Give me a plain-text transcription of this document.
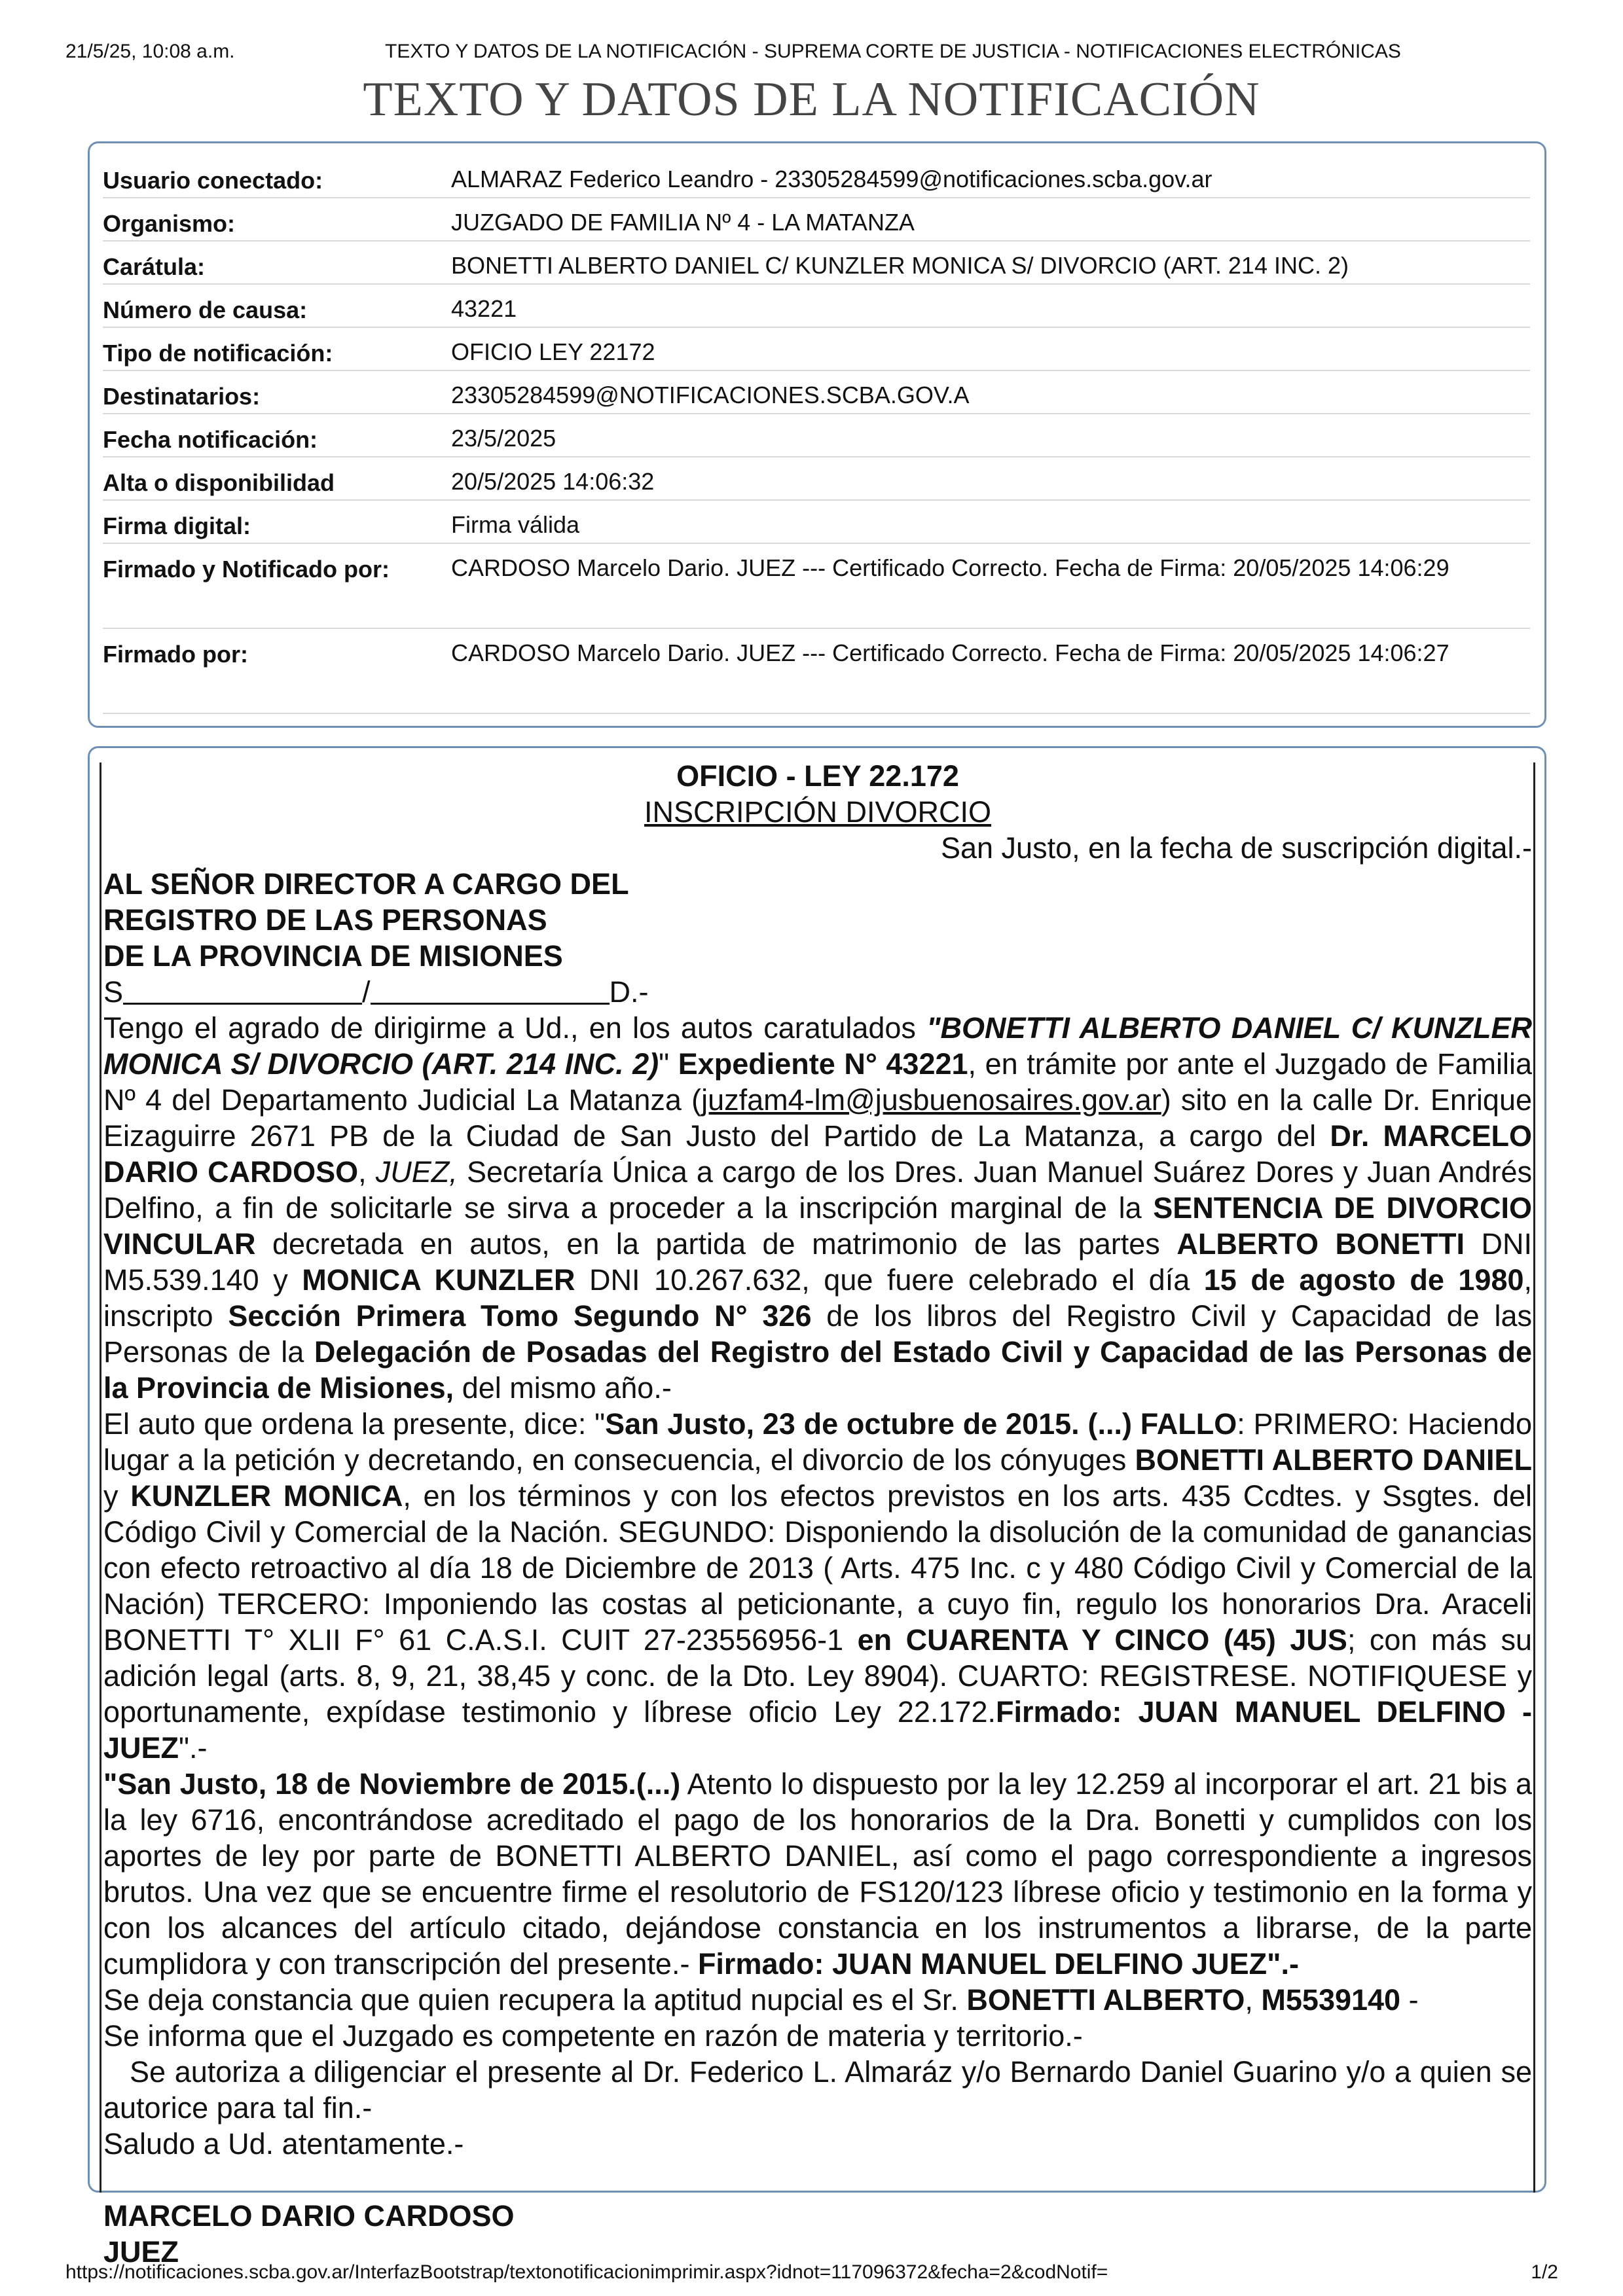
21/5/25, 10:08 a.m.	TEXTO Y DATOS DE LA NOTIFICACIÓN - SUPREMA CORTE DE JUSTICIA - NOTIFICACIONES ELECTRÓNICAS
TEXTO Y DATOS DE LA NOTIFICACIÓN
Usuario conectado:	ALMARAZ Federico Leandro - 23305284599@notificaciones.scba.gov.ar
Organismo:	JUZGADO DE FAMILIA Nº 4 - LA MATANZA
Carátula:	BONETTI ALBERTO DANIEL C/ KUNZLER MONICA S/ DIVORCIO (ART. 214 INC. 2)
Número de causa:	43221
Tipo de notificación:	OFICIO LEY 22172
Destinatarios:	23305284599@NOTIFICACIONES.SCBA.GOV.A
Fecha notificación:	23/5/2025
Alta o disponibilidad	20/5/2025 14:06:32
Firma digital:	Firma válida
Firmado y Notificado por:	CARDOSO Marcelo Dario. JUEZ --- Certificado Correcto. Fecha de Firma: 20/05/2025 14:06:29
Firmado por:	CARDOSO Marcelo Dario. JUEZ --- Certificado Correcto. Fecha de Firma: 20/05/2025 14:06:27

OFICIO - LEY 22.172

INSCRIPCIÓN DIVORCIO

San Justo, en la fecha de suscripción digital.-

AL SEÑOR DIRECTOR A CARGO DEL

REGISTRO DE LAS PERSONAS

DE LA PROVINCIA DE MISIONES

S	/	D.-

Tengo el agrado de dirigirme a Ud., en los autos caratulados "BONETTI ALBERTO DANIEL C/ KUNZLER MONICA S/ DIVORCIO (ART. 214 INC. 2)" Expediente N° 43221, en trámite por ante el Juzgado de Familia Nº 4 del Departamento Judicial La Matanza (juzfam4-lm@jusbuenosaires.gov.ar) sito en la calle Dr. Enrique Eizaguirre 2671 PB de la Ciudad de San Justo del Partido de La Matanza, a cargo del Dr. MARCELO DARIO CARDOSO, JUEZ, Secretaría Única a cargo de los Dres. Juan Manuel Suárez Dores y Juan Andrés Delfino, a fin de solicitarle se sirva a proceder a la inscripción marginal de la SENTENCIA DE DIVORCIO VINCULAR decretada en autos, en la partida de matrimonio de las partes ALBERTO BONETTI DNI M5.539.140 y MONICA KUNZLER DNI 10.267.632, que fuere celebrado el día 15 de agosto de 1980, inscripto Sección Primera Tomo Segundo N° 326 de los libros del Registro Civil y Capacidad de las Personas de la Delegación de Posadas del Registro del Estado Civil y Capacidad de las Personas de la Provincia de Misiones, del mismo año.-

El auto que ordena la presente, dice: "San Justo, 23 de octubre de 2015. (...) FALLO: PRIMERO: Haciendo lugar a la petición y decretando, en consecuencia, el divorcio de los cónyuges BONETTI ALBERTO DANIEL y KUNZLER MONICA, en los términos y con los efectos previstos en los arts. 435 Ccdtes. y Ssgtes. del Código Civil y Comercial de la Nación. SEGUNDO: Disponiendo la disolución de la comunidad de ganancias con efecto retroactivo al día 18 de Diciembre de 2013 ( Arts. 475 Inc. c y 480 Código Civil y Comercial de la Nación) TERCERO: Imponiendo las costas al peticionante, a cuyo fin, regulo los honorarios Dra. Araceli BONETTI T° XLII F° 61 C.A.S.I. CUIT 27-23556956-1 en CUARENTA Y CINCO (45) JUS; con más su adición legal (arts. 8, 9, 21, 38,45 y conc. de la Dto. Ley 8904). CUARTO: REGISTRESE. NOTIFIQUESE y oportunamente, expídase testimonio y líbrese oficio Ley 22.172.Firmado: JUAN MANUEL DELFINO - JUEZ".-

"San Justo, 18 de Noviembre de 2015.(...) Atento lo dispuesto por la ley 12.259 al incorporar el art. 21 bis a la ley 6716, encontrándose acreditado el pago de los honorarios de la Dra. Bonetti y cumplidos con los aportes de ley por parte de BONETTI ALBERTO DANIEL, así como el pago correspondiente a ingresos brutos. Una vez que se encuentre firme el resolutorio de FS120/123 líbrese oficio y testimonio en la forma y con los alcances del artículo citado, dejándose constancia en los instrumentos a librarse, de la parte cumplidora y con transcripción del presente.- Firmado: JUAN MANUEL DELFINO JUEZ".-

Se deja constancia que quien recupera la aptitud nupcial es el Sr. BONETTI ALBERTO, M5539140 -

Se informa que el Juzgado es competente en razón de materia y territorio.-

Se autoriza a diligenciar el presente al Dr. Federico L. Almaráz y/o Bernardo Daniel Guarino y/o a quien se autorice para tal fin.-

Saludo a Ud. atentamente.-

MARCELO DARIO CARDOSO

JUEZ

https://notificaciones.scba.gov.ar/InterfazBootstrap/textonotificacionimprimir.aspx?idnot=117096372&fecha=2&codNotif=	1/2
